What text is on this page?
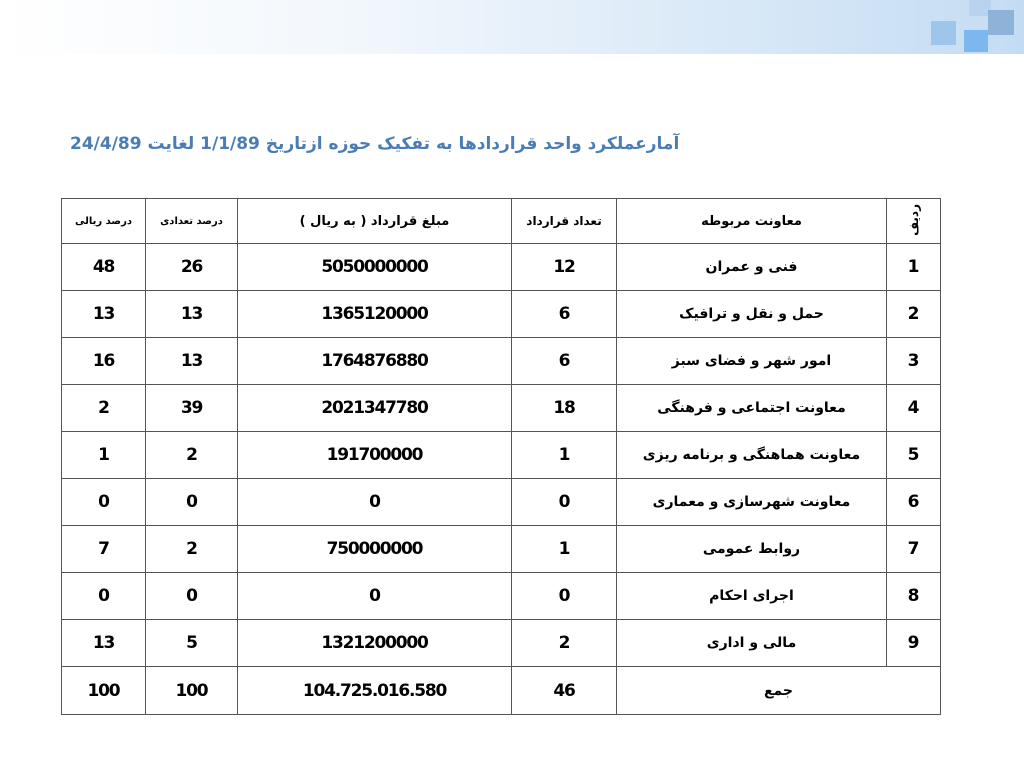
آمارعملکرد واحد قراردادها به تفکیک حوزه ازتاریخ 1/1/89 لغایت 24/4/89
درصد ریالی	درصد تعدادی	مبلغ قرارداد ( به ریال )	تعداد قرارداد	معاونت مربوطه	ردیف
48	26	5050000000	12	فنی و عمران	1
13	13	1365120000	6	حمل و نقل و ترافیک	2
16	13	1764876880	6	امور شهر و فضای سبز	3
2	39	2021347780	18	معاونت اجتماعی و فرهنگی	4
1	2	191700000	1	معاونت هماهنگی و برنامه ریزی	5
0	0	0	0	معاونت شهرسازی و معماری	6
7	2	750000000	1	روابط عمومی	7
0	0	0	0	اجرای احکام	8
13	5	1321200000	2	مالی و اداری	9
100	100	104.725.016.580	46	جمع	
